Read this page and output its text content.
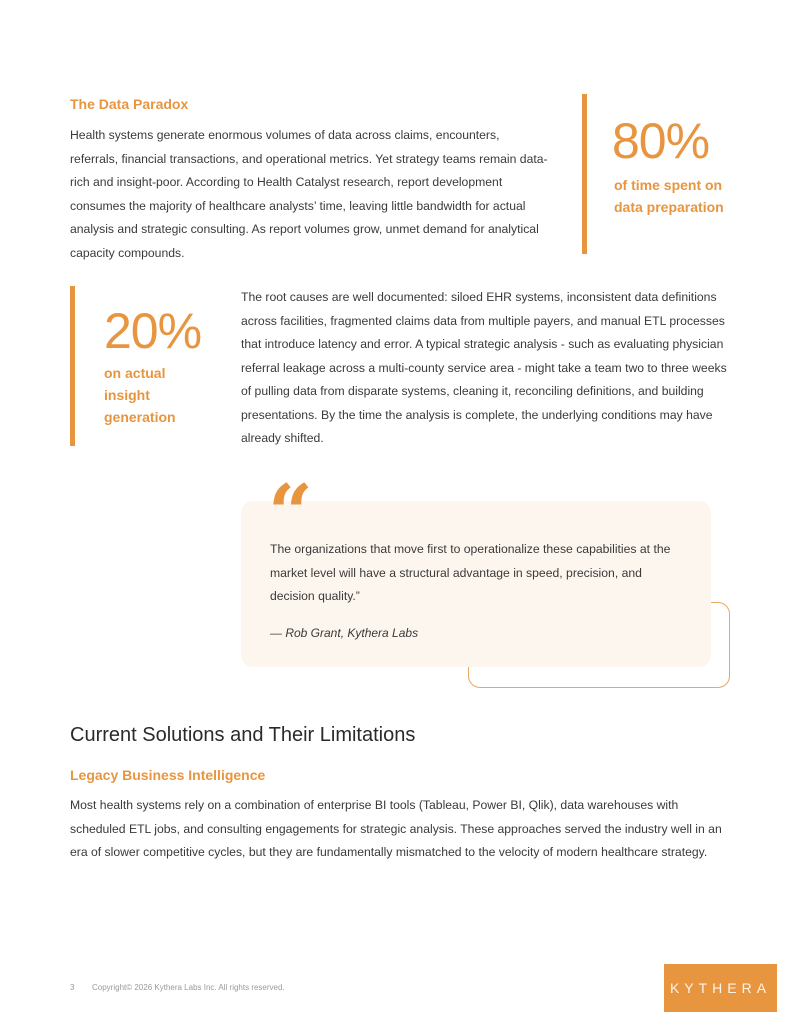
The Data Paradox
Health systems generate enormous volumes of data across claims, encounters, referrals, financial transactions, and operational metrics. Yet strategy teams remain data-rich and insight-poor. According to Health Catalyst research, report development consumes the majority of healthcare analysts’ time, leaving little bandwidth for actual analysis and strategic consulting. As report volumes grow, unmet demand for analytical capacity compounds.
80%
of time spent on data preparation
20%
on actual insight generation
The root causes are well documented: siloed EHR systems, inconsistent data definitions across facilities, fragmented claims data from multiple payers, and manual ETL processes that introduce latency and error. A typical strategic analysis - such as evaluating physician referral leakage across a multi-county service area - might take a team two to three weeks of pulling data from disparate systems, cleaning it, reconciling definitions, and building presentations. By the time the analysis is complete, the underlying conditions may have already shifted.
“
The organizations that move first to operationalize these capabilities at the market level will have a structural advantage in speed, precision, and decision quality.”
— Rob Grant, Kythera Labs
Current Solutions and Their Limitations
Legacy Business Intelligence
Most health systems rely on a combination of enterprise BI tools (Tableau, Power BI, Qlik), data warehouses with scheduled ETL jobs, and consulting engagements for strategic analysis. These approaches served the industry well in an era of slower competitive cycles, but they are fundamentally mismatched to the velocity of modern healthcare strategy.
3 Copyright© 2026 Kythera Labs Inc. All rights reserved.	KYTHERA
